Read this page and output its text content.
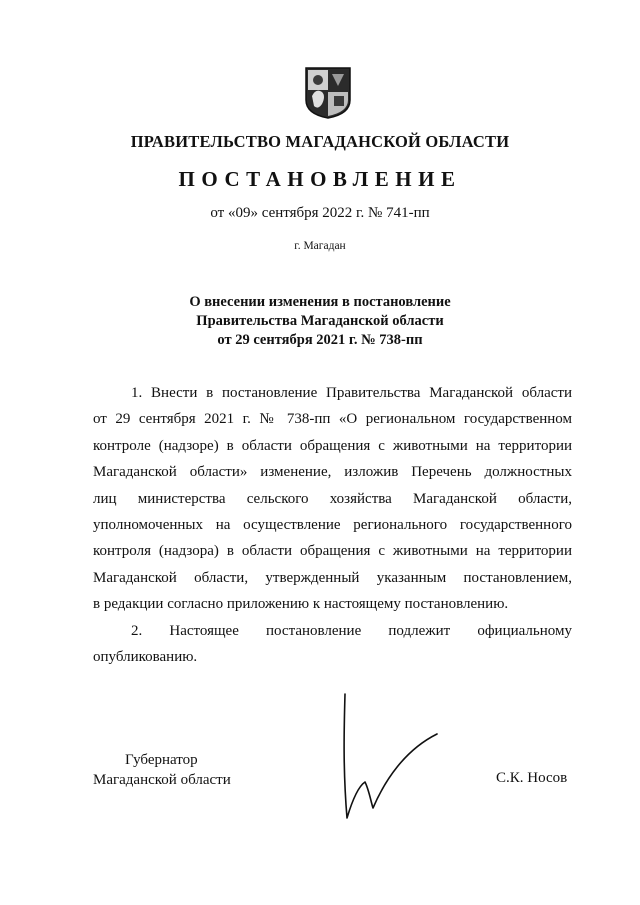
ПРАВИТЕЛЬСТВО МАГАДАНСКОЙ ОБЛАСТИ
ПОСТАНОВЛЕНИЕ
от «09» сентября 2022 г. № 741-пп
г. Магадан
О внесении изменения в постановление
Правительства Магаданской области
от 29 сентября 2021 г. № 738-пп

1. Внести в постановление Правительства Магаданской области
от 29 сентября 2021 г. № 738-пп «О региональном государственном
контроле (надзоре) в области обращения с животными на территории
Магаданской области» изменение, изложив Перечень должностных
лиц министерства сельского хозяйства Магаданской области,
уполномоченных на осуществление регионального государственного
контроля (надзора) в области обращения с животными на территории
Магаданской области, утвержденный указанным постановлением,
в редакции согласно приложению к настоящему постановлению.

2. Настоящее постановление подлежит официальному
опубликованию.

Губернатор
Магаданской области	С.К. Носов
